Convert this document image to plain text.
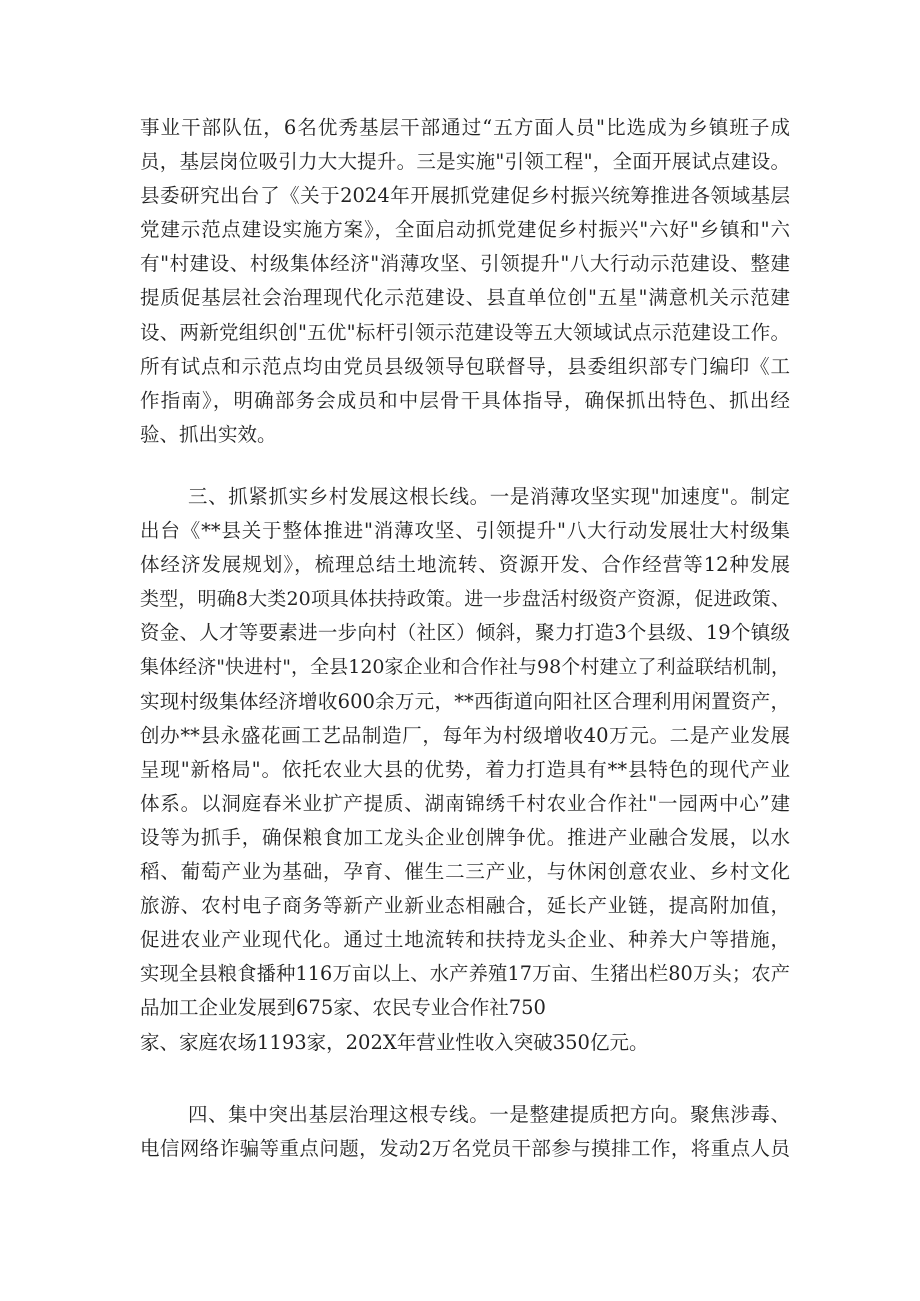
事业干部队伍，6名优秀基层干部通过“五方面人员"比选成为乡镇班子成
员，基层岗位吸引力大大提升。三是实施"引领工程"，全面开展试点建设。
县委研究出台了《关于2024年开展抓党建促乡村振兴统筹推进各领域基层
党建示范点建设实施方案》，全面启动抓党建促乡村振兴"六好"乡镇和"六
有"村建设、村级集体经济"消薄攻坚、引领提升"八大行动示范建设、整建
提质促基层社会治理现代化示范建设、县直单位创"五星"满意机关示范建
设、两新党组织创"五优"标杆引领示范建设等五大领域试点示范建设工作。
所有试点和示范点均由党员县级领导包联督导，县委组织部专门编印《工
作指南》，明确部务会成员和中层骨干具体指导，确保抓出特色、抓出经
验、抓出实效。
三、抓紧抓实乡村发展这根长线。一是消薄攻坚实现"加速度"。制定
出台《**县关于整体推进"消薄攻坚、引领提升"八大行动发展壮大村级集
体经济发展规划》，梳理总结土地流转、资源开发、合作经营等12种发展
类型，明确8大类20项具体扶持政策。进一步盘活村级资产资源，促进政策、
资金、人才等要素进一步向村（社区）倾斜，聚力打造3个县级、19个镇级
集体经济"快进村"，全县120家企业和合作社与98个村建立了利益联结机制，
实现村级集体经济增收600余万元，**西街道向阳社区合理利用闲置资产，
创办**县永盛花画工艺品制造厂，每年为村级增收40万元。二是产业发展
呈现"新格局"。依托农业大县的优势，着力打造具有**县特色的现代产业
体系。以洞庭春米业扩产提质、湖南锦绣千村农业合作社"一园两中心”建
设等为抓手，确保粮食加工龙头企业创牌争优。推进产业融合发展，以水
稻、葡萄产业为基础，孕育、催生二三产业，与休闲创意农业、乡村文化
旅游、农村电子商务等新产业新业态相融合，延长产业链，提高附加值，
促进农业产业现代化。通过土地流转和扶持龙头企业、种养大户等措施，
实现全县粮食播种116万亩以上、水产养殖17万亩、生猪出栏80万头；农产
品加工企业发展到675家、农民专业合作社750
家、家庭农场1193家，202X年营业性收入突破350亿元。
四、集中突出基层治理这根专线。一是整建提质把方向。聚焦涉毒、
电信网络诈骗等重点问题，发动2万名党员干部参与摸排工作，将重点人员
